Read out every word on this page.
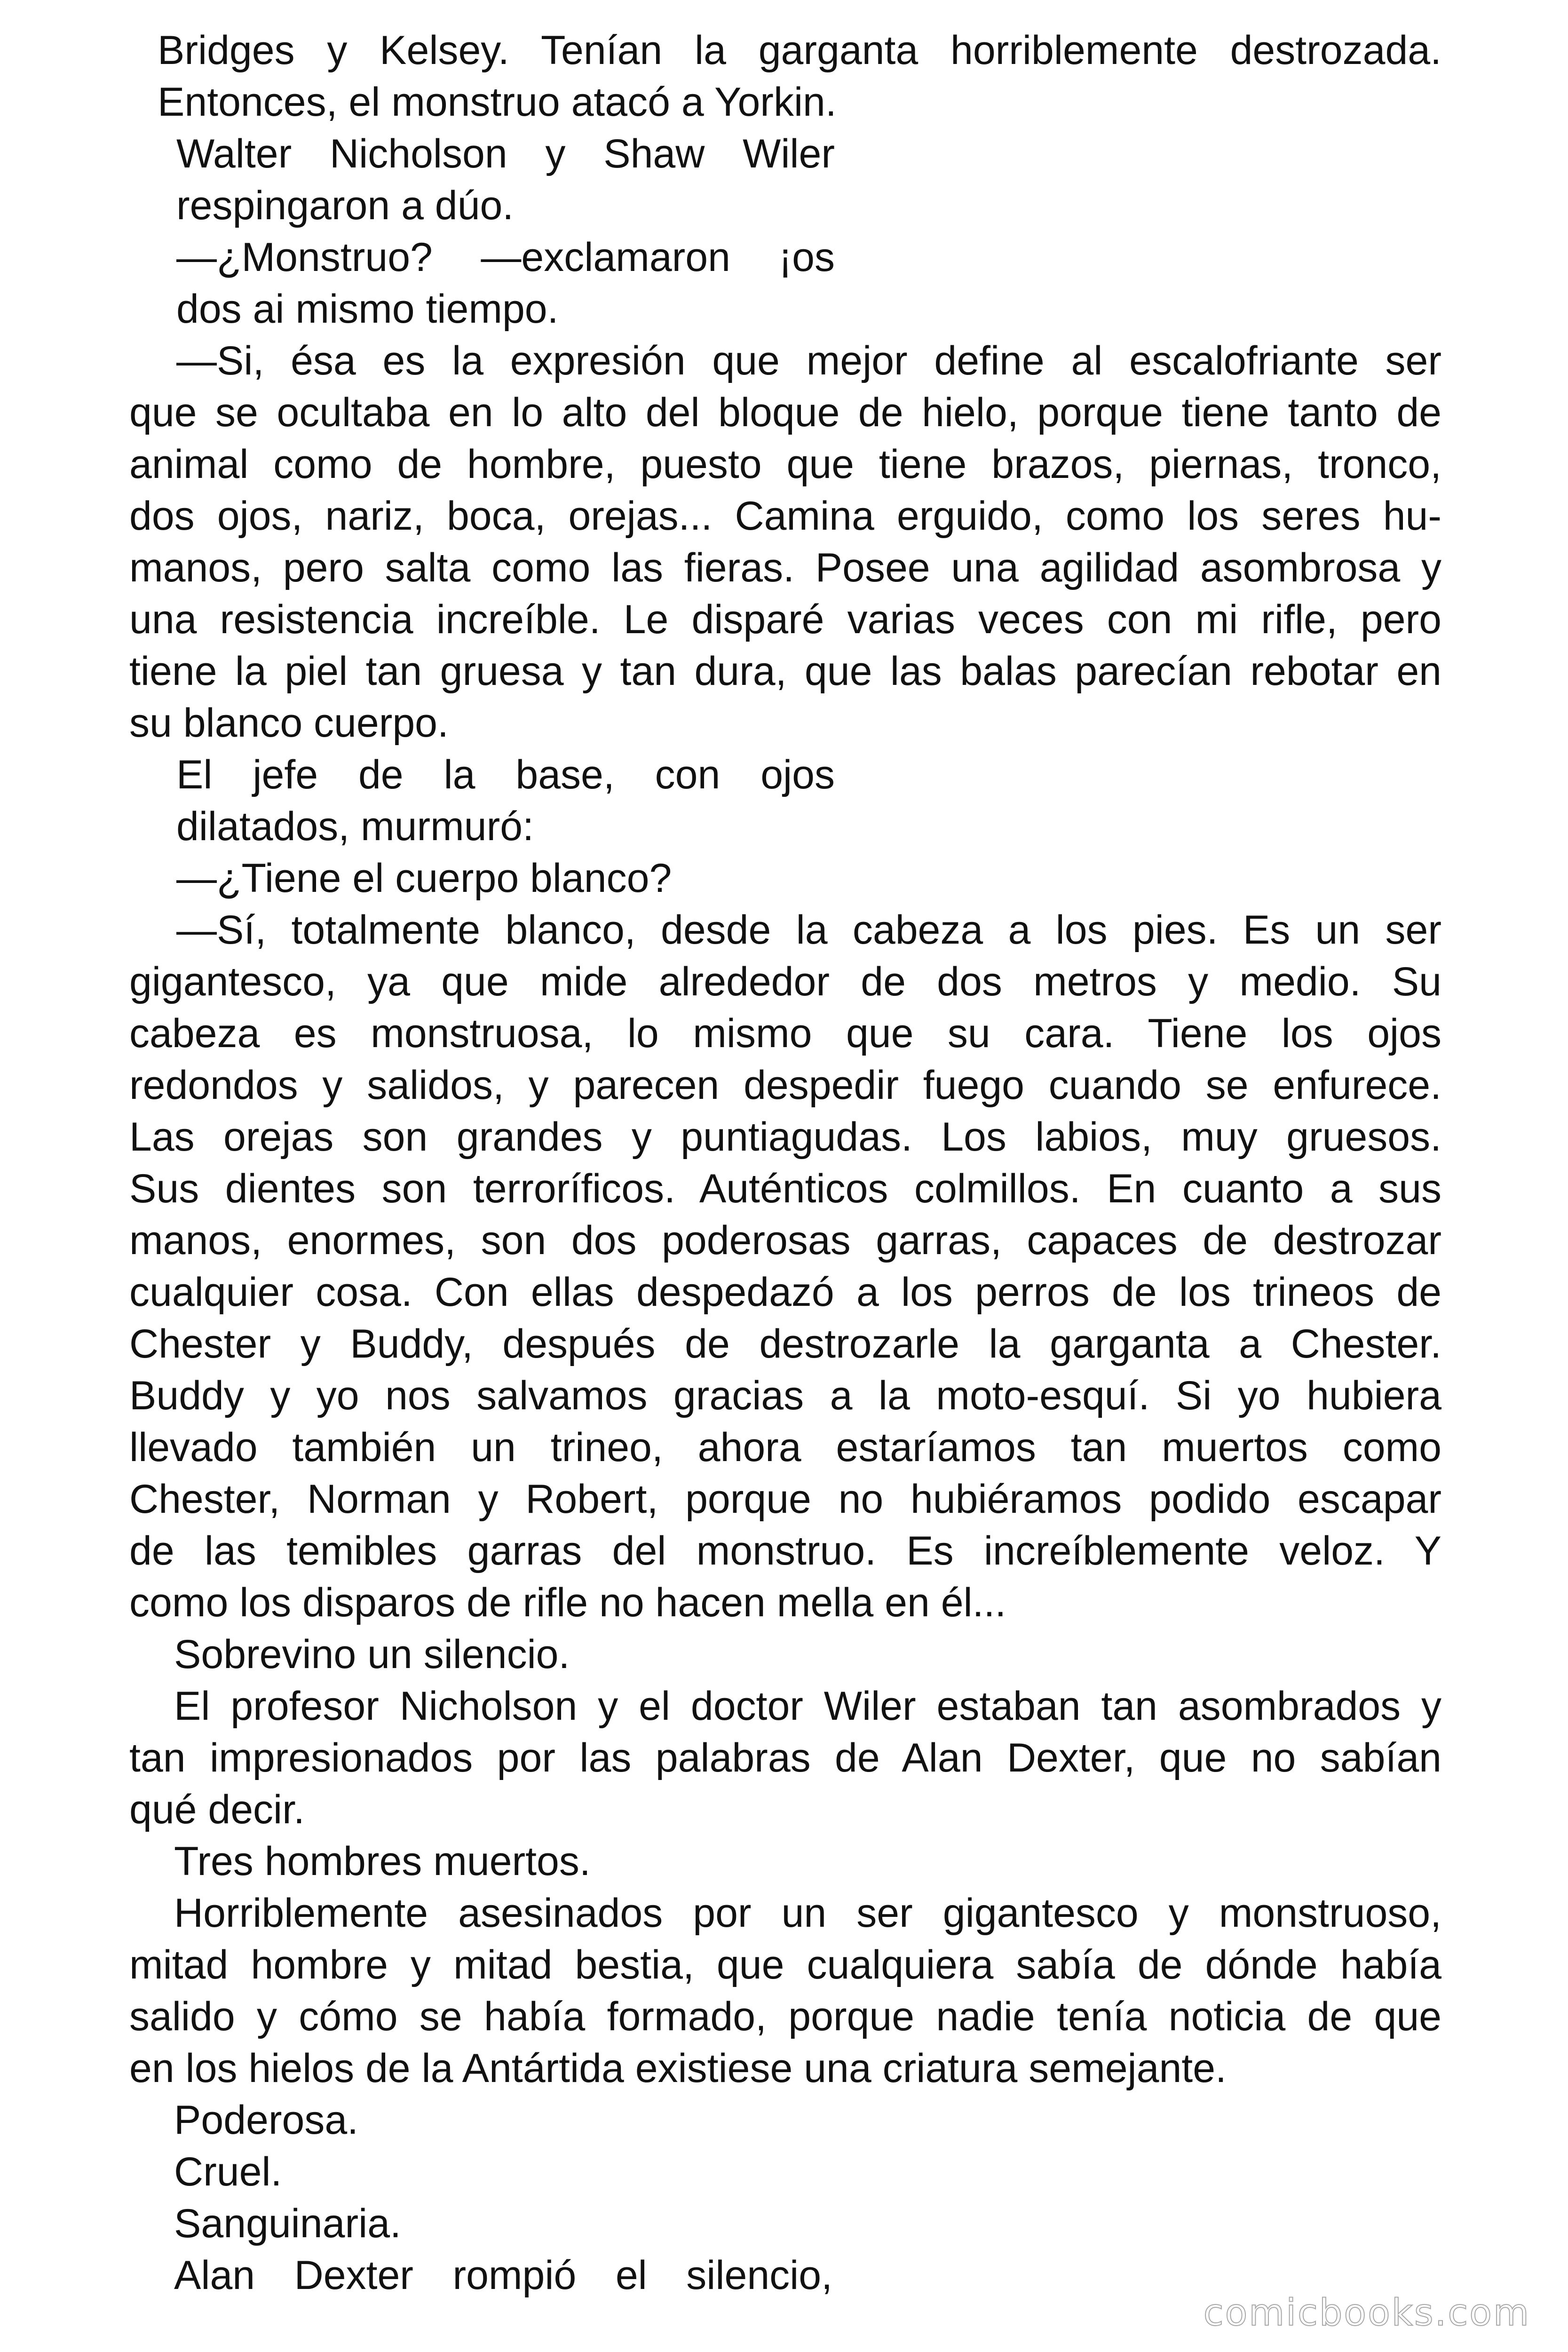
Bridges y Kelsey. Tenían la garganta horriblemente destrozada.
Entonces, el monstruo atacó a Yorkin.
Walter Nicholson y Shaw Wiler
respingaron a dúo.
—¿Monstruo? —exclamaron ¡os
dos ai mismo tiempo.
—Si, ésa es la expresión que mejor define al escalofriante ser
que se ocultaba en lo alto del bloque de hielo, porque tiene tanto de
animal como de hombre, puesto que tiene brazos, piernas, tronco,
dos ojos, nariz, boca, orejas... Camina erguido, como los seres hu-
manos, pero salta como las fieras. Posee una agilidad asombrosa y
una resistencia increíble. Le disparé varias veces con mi rifle, pero
tiene la piel tan gruesa y tan dura, que las balas parecían rebotar en
su blanco cuerpo.
El jefe de la base, con ojos
dilatados, murmuró:
—¿Tiene el cuerpo blanco?
—Sí, totalmente blanco, desde la cabeza a los pies. Es un ser
gigantesco, ya que mide alrededor de dos metros y medio. Su
cabeza es monstruosa, lo mismo que su cara. Tiene los ojos
redondos y salidos, y parecen despedir fuego cuando se enfurece.
Las orejas son grandes y puntiagudas. Los labios, muy gruesos.
Sus dientes son terroríficos. Auténticos colmillos. En cuanto a sus
manos, enormes, son dos poderosas garras, capaces de destrozar
cualquier cosa. Con ellas despedazó a los perros de los trineos de
Chester y Buddy, después de destrozarle la garganta a Chester.
Buddy y yo nos salvamos gracias a la moto-esquí. Si yo hubiera
llevado también un trineo, ahora estaríamos tan muertos como
Chester, Norman y Robert, porque no hubiéramos podido escapar
de las temibles garras del monstruo. Es increíblemente veloz. Y
como los disparos de rifle no hacen mella en él...
Sobrevino un silencio.
El profesor Nicholson y el doctor Wiler estaban tan asombrados y
tan impresionados por las palabras de Alan Dexter, que no sabían
qué decir.
Tres hombres muertos.
Horriblemente asesinados por un ser gigantesco y monstruoso,
mitad hombre y mitad bestia, que cualquiera sabía de dónde había
salido y cómo se había formado, porque nadie tenía noticia de que
en los hielos de la Antártida existiese una criatura semejante.
Poderosa.
Cruel.
Sanguinaria.
Alan Dexter rompió el silencio,
comicbooks.com
